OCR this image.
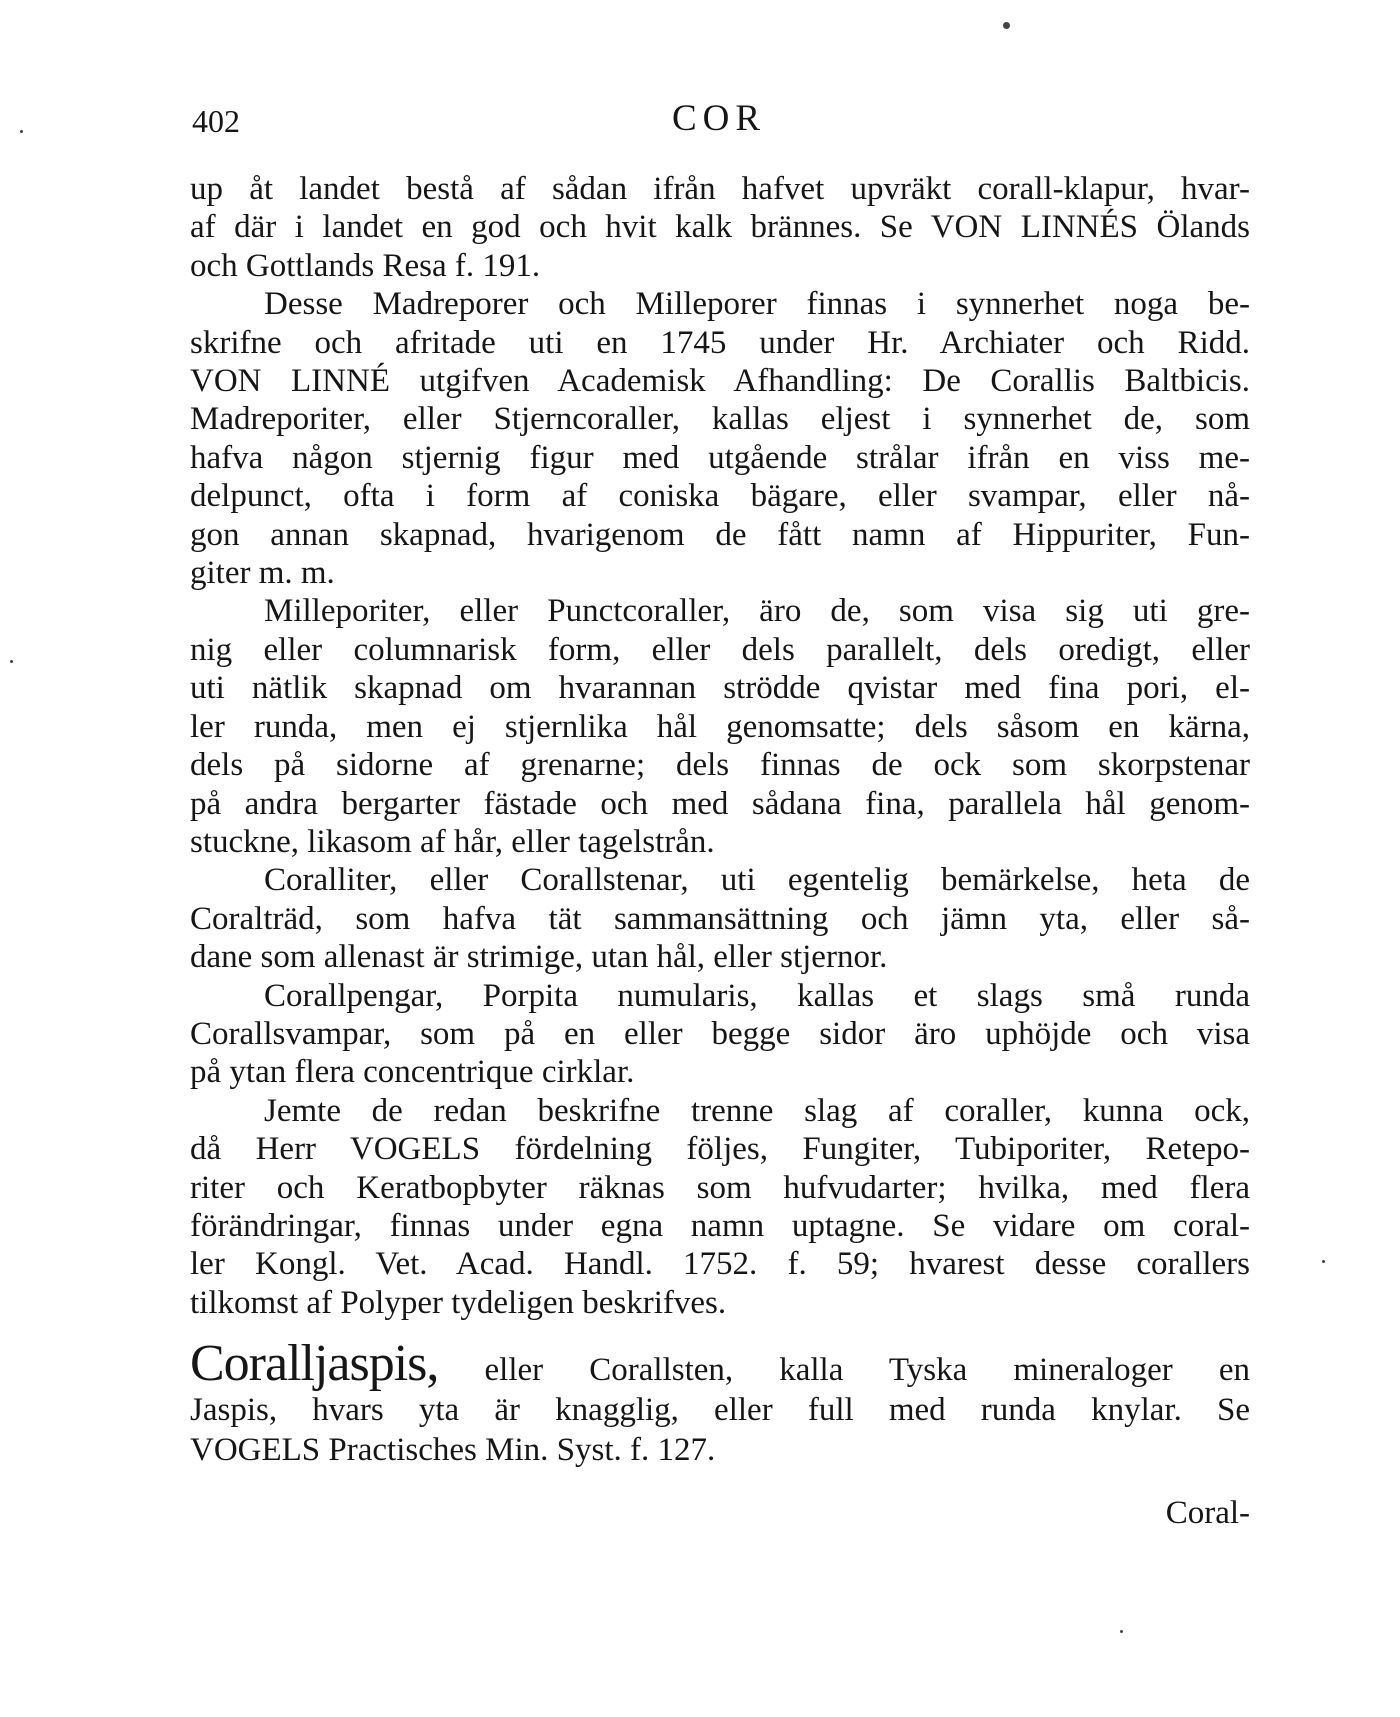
402	COR
up åt landet bestå af sådan ifrån hafvet upvräkt corall-klapur, hvar-
af där i landet en god och hvit kalk brännes. Se VON LINNÉS Ölands
och Gottlands Resa f. 191.
Desse Madreporer och Milleporer finnas i synnerhet noga be-
skrifne och afritade uti en 1745 under Hr. Archiater och Ridd.
VON LINNÉ utgifven Academisk Afhandling: De Corallis Baltbicis.
Madreporiter, eller Stjerncoraller, kallas eljest i synnerhet de, som
hafva någon stjernig figur med utgående strålar ifrån en viss me-
delpunct, ofta i form af coniska bägare, eller svampar, eller nå-
gon annan skapnad, hvarigenom de fått namn af Hippuriter, Fun-
giter m. m.
Milleporiter, eller Punctcoraller, äro de, som visa sig uti gre-
nig eller columnarisk form, eller dels parallelt, dels oredigt, eller
uti nätlik skapnad om hvarannan strödde qvistar med fina pori, el-
ler runda, men ej stjernlika hål genomsatte; dels såsom en kärna,
dels på sidorne af grenarne; dels finnas de ock som skorpstenar
på andra bergarter fästade och med sådana fina, parallela hål genom-
stuckne, likasom af hår, eller tagelstrån.
Coralliter, eller Corallstenar, uti egentelig bemärkelse, heta de
Coralträd, som hafva tät sammansättning och jämn yta, eller så-
dane som allenast är strimige, utan hål, eller stjernor.
Corallpengar, Porpita numularis, kallas et slags små runda
Corallsvampar, som på en eller begge sidor äro uphöjde och visa
på ytan flera concentrique cirklar.
Jemte de redan beskrifne trenne slag af coraller, kunna ock,
då Herr VOGELS fördelning följes, Fungiter, Tubiporiter, Retepo-
riter och Keratbopbyter räknas som hufvudarter; hvilka, med flera
förändringar, finnas under egna namn uptagne. Se vidare om coral-
ler Kongl. Vet. Acad. Handl. 1752. f. 59; hvarest desse corallers
tilkomst af Polyper tydeligen beskrifves.
Coralljaspis, eller Corallsten, kalla Tyska mineraloger en
Jaspis, hvars yta är knagglig, eller full med runda knylar. Se
VOGELS Practisches Min. Syst. f. 127.
Coral-
